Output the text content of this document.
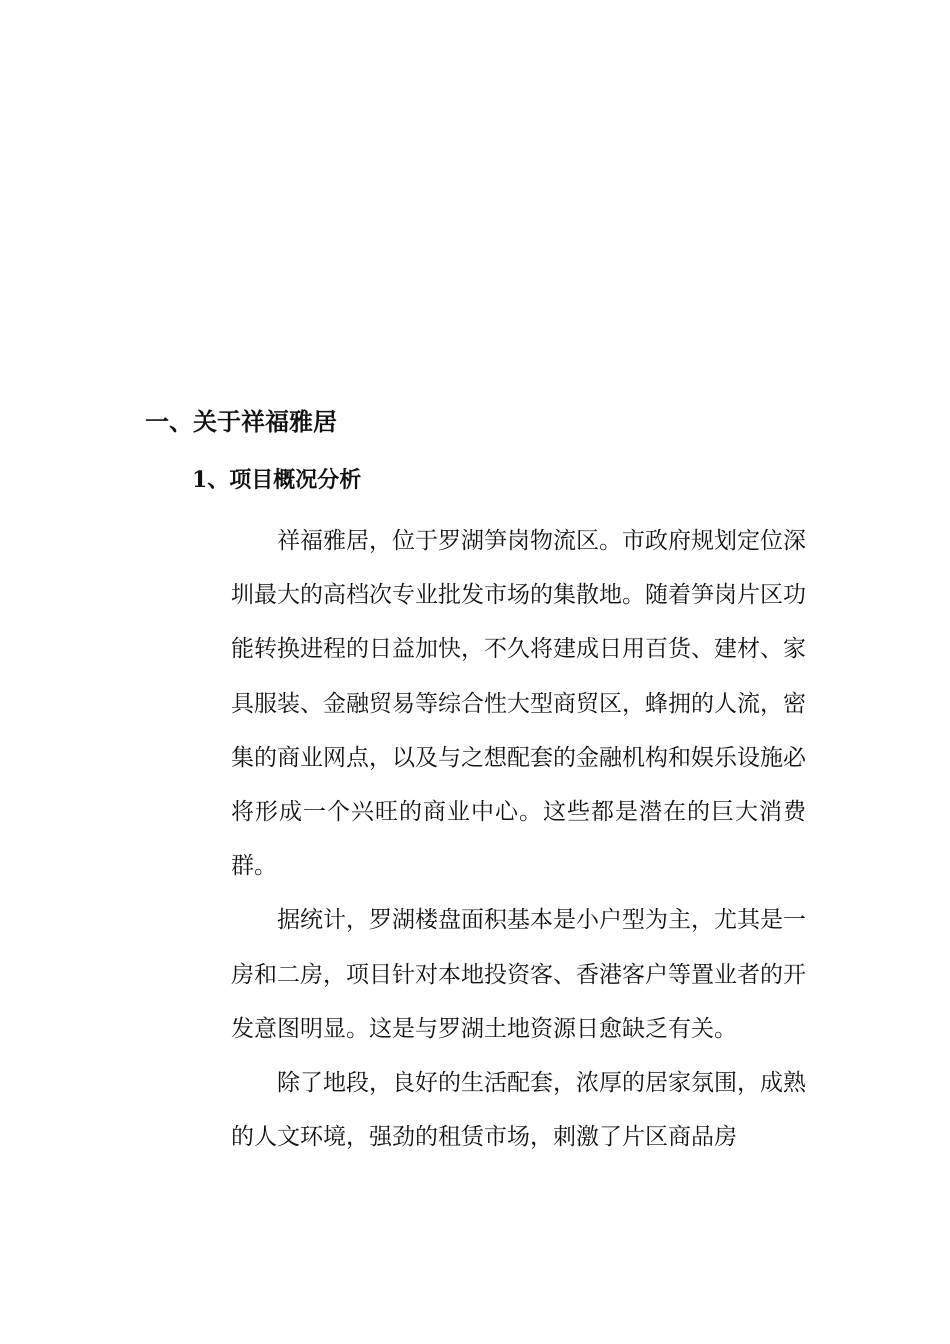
一、关于祥福雅居
1、项目概况分析

祥福雅居，位于罗湖笋岗物流区。市政府规划定位深圳最大的高档次专业批发市场的集散地。随着笋岗片区功能转换进程的日益加快，不久将建成日用百货、建材、家具服装、金融贸易等综合性大型商贸区，蜂拥的人流，密集的商业网点，以及与之想配套的金融机构和娱乐设施必将形成一个兴旺的商业中心。这些都是潜在的巨大消费群。

据统计，罗湖楼盘面积基本是小户型为主，尤其是一房和二房，项目针对本地投资客、香港客户等置业者的开发意图明显。这是与罗湖土地资源日愈缺乏有关。

除了地段，良好的生活配套，浓厚的居家氛围，成熟的人文环境，强劲的租赁市场，刺激了片区商品房
